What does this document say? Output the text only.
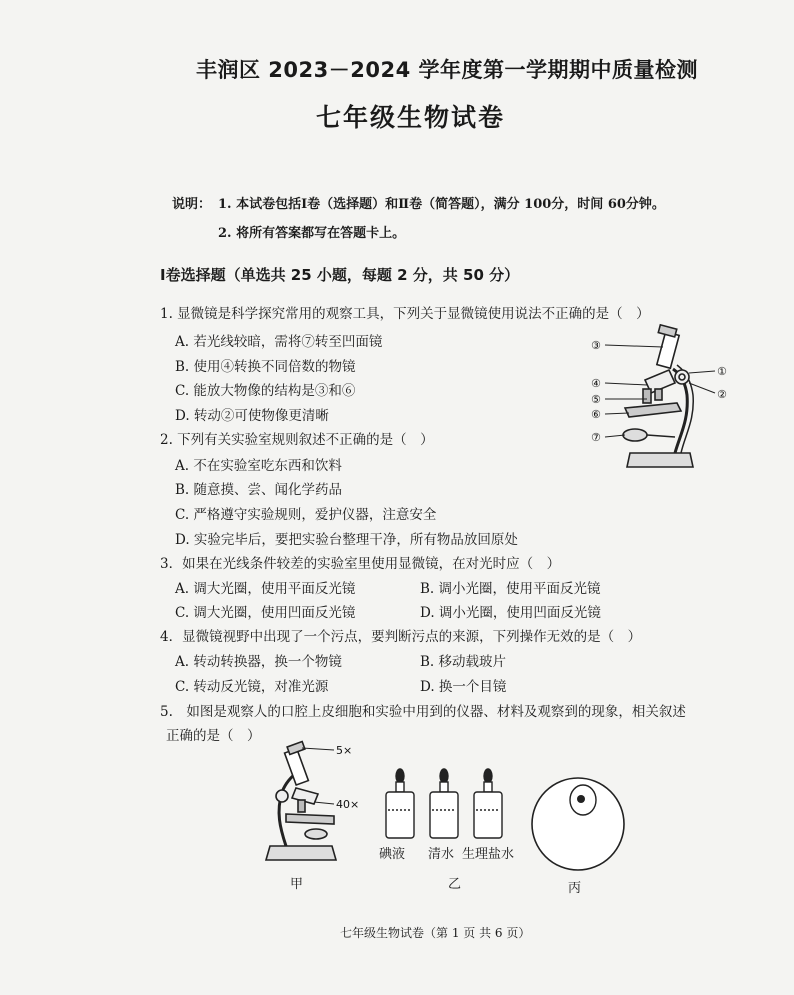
丰润区 2023－2024 学年度第一学期期中质量检测
七年级生物试卷
说明： 1. 本试卷包括Ⅰ卷（选择题）和Ⅱ卷（简答题），满分 100分，时间 60分钟。
2. 将所有答案都写在答题卡上。
Ⅰ卷选择题（单选共 25 小题，每题 2 分，共 50 分）
1. 显微镜是科学探究常用的观察工具，下列关于显微镜使用说法不正确的是（　）
A. 若光线较暗，需将⑦转至凹面镜
B. 使用④转换不同倍数的物镜
C. 能放大物像的结构是③和⑥
D. 转动②可使物像更清晰
③
④
⑤
⑥
⑦
①
②
2. 下列有关实验室规则叙述不正确的是（　）
A. 不在实验室吃东西和饮料
B. 随意摸、尝、闻化学药品
C. 严格遵守实验规则，爱护仪器，注意安全
D. 实验完毕后，要把实验台整理干净，所有物品放回原处
3．如果在光线条件较差的实验室里使用显微镜，在对光时应（　）
A. 调大光圈，使用平面反光镜	B. 调小光圈，使用平面反光镜
C. 调大光圈，使用凹面反光镜	D. 调小光圈，使用凹面反光镜
4．显微镜视野中出现了一个污点，要判断污点的来源，下列操作无效的是（　）
A. 转动转换器，换一个物镜	B. 移动载玻片
C. 转动反光镜，对准光源	D. 换一个目镜
5.　如图是观察人的口腔上皮细胞和实验中用到的仪器、材料及观察到的现象，相关叙述
正确的是（　）
5×
40×
碘液 清水 生理盐水
甲	乙	丙
七年级生物试卷（第 1 页 共 6 页）
